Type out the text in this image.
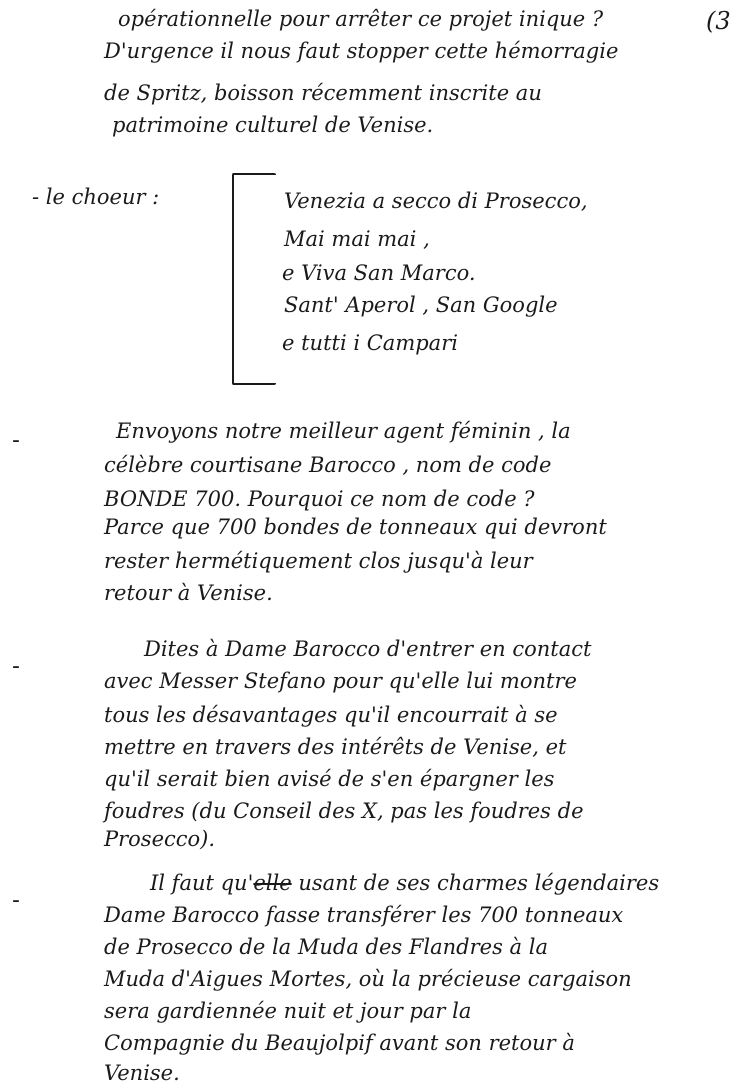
(3
opérationnelle pour arrêter ce projet inique ?
D'urgence il nous faut stopper cette hémorragie
de Spritz, boisson récemment inscrite au
patrimoine culturel de Venise.
- le choeur :	Venezia a secco di Prosecco,
Mai mai mai ,
e Viva San Marco.
Sant' Aperol , San Google
e tutti i Campari
-	Envoyons notre meilleur agent féminin , la
célèbre courtisane Barocco , nom de code
BONDE 700. Pourquoi ce nom de code ?
Parce que 700 bondes de tonneaux qui devront
rester hermétiquement clos jusqu'à leur
retour à Venise.
-
Dites à Dame Barocco d'entrer en contact
avec Messer Stefano pour qu'elle lui montre
tous les désavantages qu'il encourrait à se
mettre en travers des intérêts de Venise, et
qu'il serait bien avisé de s'en épargner les
foudres (du Conseil des X, pas les foudres de
Prosecco).
-
Il faut qu'elle usant de ses charmes légendaires
Dame Barocco fasse transférer les 700 tonneaux
de Prosecco de la Muda des Flandres à la
Muda d'Aigues Mortes, où la précieuse cargaison
sera gardiennée nuit et jour par la
Compagnie du Beaujolpif avant son retour à
Venise.
